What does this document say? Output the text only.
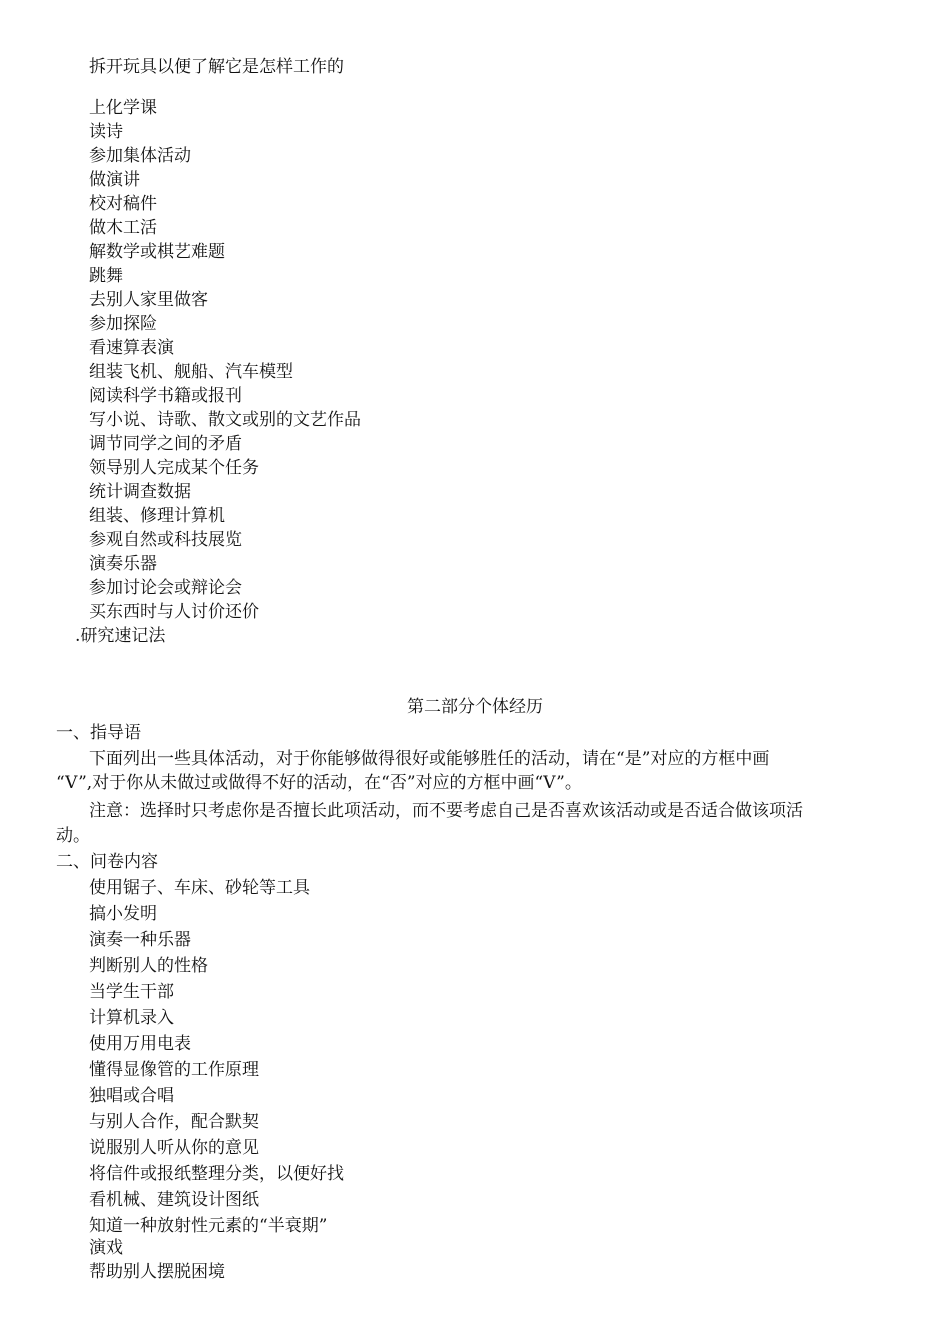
拆开玩具以便了解它是怎样工作的
上化学课
读诗
参加集体活动
做演讲
校对稿件
做木工活
解数学或棋艺难题
跳舞
去别人家里做客
参加探险
看速算表演
组装飞机、舰船、汽车模型
阅读科学书籍或报刊
写小说、诗歌、散文或别的文艺作品
调节同学之间的矛盾
领导别人完成某个任务
统计调查数据
组装、修理计算机
参观自然或科技展览
演奏乐器
参加讨论会或辩论会
买东西时与人讨价还价
.研究速记法
第二部分个体经历
一、指导语
下面列出一些具体活动，对于你能够做得很好或能够胜任的活动，请在“是”对应的方框中画
“V”,对于你从未做过或做得不好的活动，在“否”对应的方框中画“V”。
注意：选择时只考虑你是否擅长此项活动，而不要考虑自己是否喜欢该活动或是否适合做该项活
动。
二、问卷内容
使用锯子、车床、砂轮等工具
搞小发明
演奏一种乐器
判断别人的性格
当学生干部
计算机录入
使用万用电表
懂得显像管的工作原理
独唱或合唱
与别人合作，配合默契
说服别人听从你的意见
将信件或报纸整理分类，以便好找
看机械、建筑设计图纸
知道一种放射性元素的“半衰期”
演戏
帮助别人摆脱困境
